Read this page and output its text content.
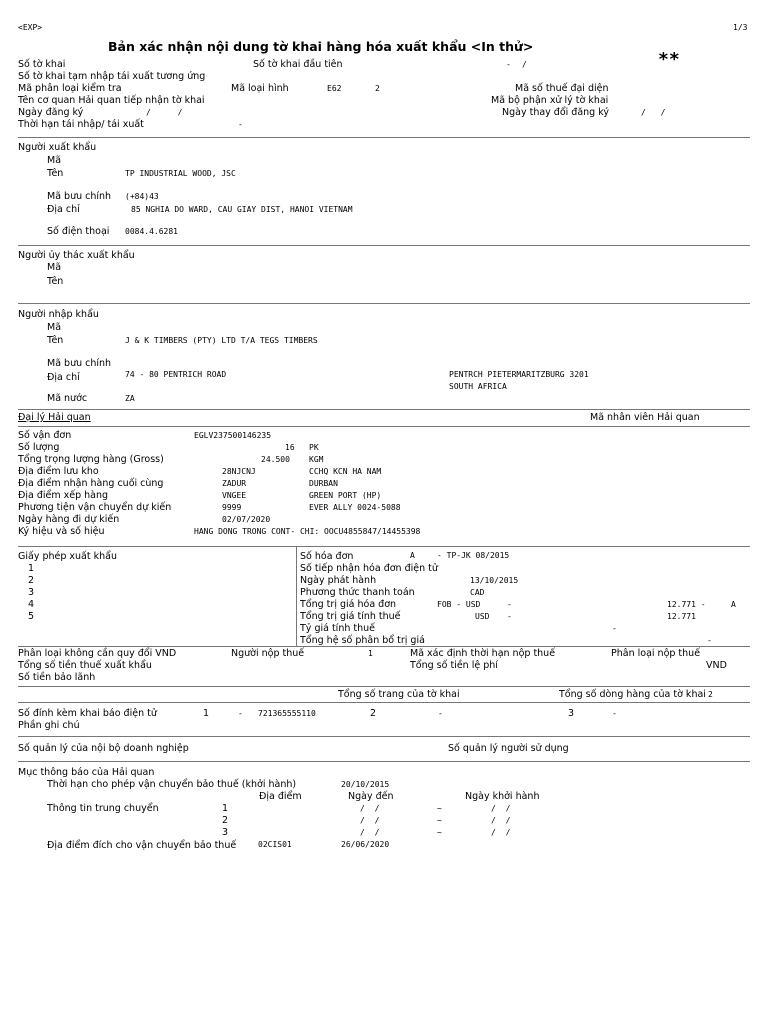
<EXP>	1/3
Bản xác nhận nội dung tờ khai hàng hóa xuất khẩu <In thử>
**
Số tờ khai	Số tờ khai đầu tiên	- /
Số tờ khai tạm nhập tái xuất tương ứng
Mã phân loại kiểm tra	Mã loại hình	E62	2	Mã số thuế đại diện
Tên cơ quan Hải quan tiếp nhận tờ khai	Mã bộ phận xử lý tờ khai
Ngày đăng ký	/ /	Ngày thay đổi đăng ký	/ /
Thời hạn tái nhập/ tái xuất	-
Người xuất khẩu
Mã
Tên	TP INDUSTRIAL WOOD, JSC
Mã bưu chính (+84)43
Địa chỉ	85 NGHIA DO WARD, CAU GIAY DIST, HANOI VIETNAM
Số điện thoại 0084.4.6281
Người ủy thác xuất khẩu
Mã
Tên
Người nhập khẩu
Mã
Tên	J & K TIMBERS (PTY) LTD T/A TEGS TIMBERS
Mã bưu chính
Địa chỉ	74 - 80 PENTRICH ROAD	PENTRCH PIETERMARITZBURG 3201
SOUTH AFRICA
Mã nước	ZA
Đại lý Hải quan	Mã nhân viên Hải quan
Số vận đơn	EGLV237500146235
Số lượng	16 PK
Tổng trọng lượng hàng (Gross)	24.500 KGM
Địa điểm lưu kho	28NJCNJ	CCHQ KCN HA NAM
Địa điểm nhận hàng cuối cùng	ZADUR	DURBAN
Địa điểm xếp hàng	VNGEE	GREEN PORT (HP)
Phương tiện vận chuyển dự kiến	9999	EVER ALLY 0024-5088
Ngày hàng đi dự kiến	02/07/2020
Ký hiệu và số hiệu	HANG DONG TRONG CONT- CHI: OOCU4855847/14455398
Giấy phép xuất khẩu
1
2
3
4
5
Số hóa đơn	A	- TP-JK 08/2015
Số tiếp nhận hóa đơn điện tử
Ngày phát hành	13/10/2015
Phương thức thanh toán	CAD
Tổng trị giá hóa đơn	FOB - USD	-	12.771 -	A
Tổng trị giá tính thuế	USD -	12.771
Tỷ giá tính thuế	-
Tổng hệ số phân bổ trị giá	-
Phân loại không cần quy đổi VND	Người nộp thuế	1	Mã xác định thời hạn nộp thuế	Phân loại nộp thuế
Tổng số tiền thuế xuất khẩu	Tổng số tiền lệ phí	VND
Số tiền bảo lãnh
Tổng số trang của tờ khai	Tổng số dòng hàng của tờ khai 2
Số đính kèm khai báo điện tử	1	- 721365555110	2	-	3	-
Phần ghi chú
Số quản lý của nội bộ doanh nghiệp	Số quản lý người sử dụng
Mục thông báo của Hải quan
Thời hạn cho phép vận chuyển bảo thuế (khởi hành)	20/10/2015
Địa điểm	Ngày đến	Ngày khởi hành
Thông tin trung chuyển	1	/ /	~	/ /
2	/ /	~	/ /
3	/ /	~	/ /
Địa điểm đích cho vận chuyển bảo thuế	02CIS01	26/06/2020
